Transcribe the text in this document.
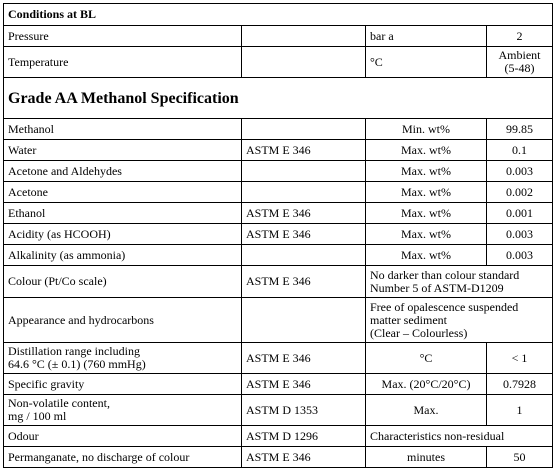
Conditions at BL			
Pressure		bar a	2
Temperature		°C	Ambient (5-48)
Grade AA Methanol Specification			
Methanol		Min. wt%	99.85
Water	ASTM E 346	Max. wt%	0.1
Acetone and Aldehydes		Max. wt%	0.003
Acetone		Max. wt%	0.002
Ethanol	ASTM E 346	Max. wt%	0.001
Acidity (as HCOOH)	ASTM E 346	Max. wt%	0.003
Alkalinity (as ammonia)		Max. wt%	0.003
Colour (Pt/Co scale)	ASTM E 346	No darker than colour standard Number 5 of ASTM-D1209	
Appearance and hydrocarbons		Free of opalescence suspended
matter sediment
(Clear – Colourless)	

Distillation range including
64.6 °C (± 0.1) (760 mmHg)	ASTM E 346	°C	< 1
Specific gravity	ASTM E 346	Max. (20°C/20°C)	0.7928

Non-volatile content,
mg / 100 ml	ASTM D 1353	Max.	1
Odour	ASTM D 1296	Characteristics non-residual	
Permanganate, no discharge of colour	ASTM E 346	minutes	50
